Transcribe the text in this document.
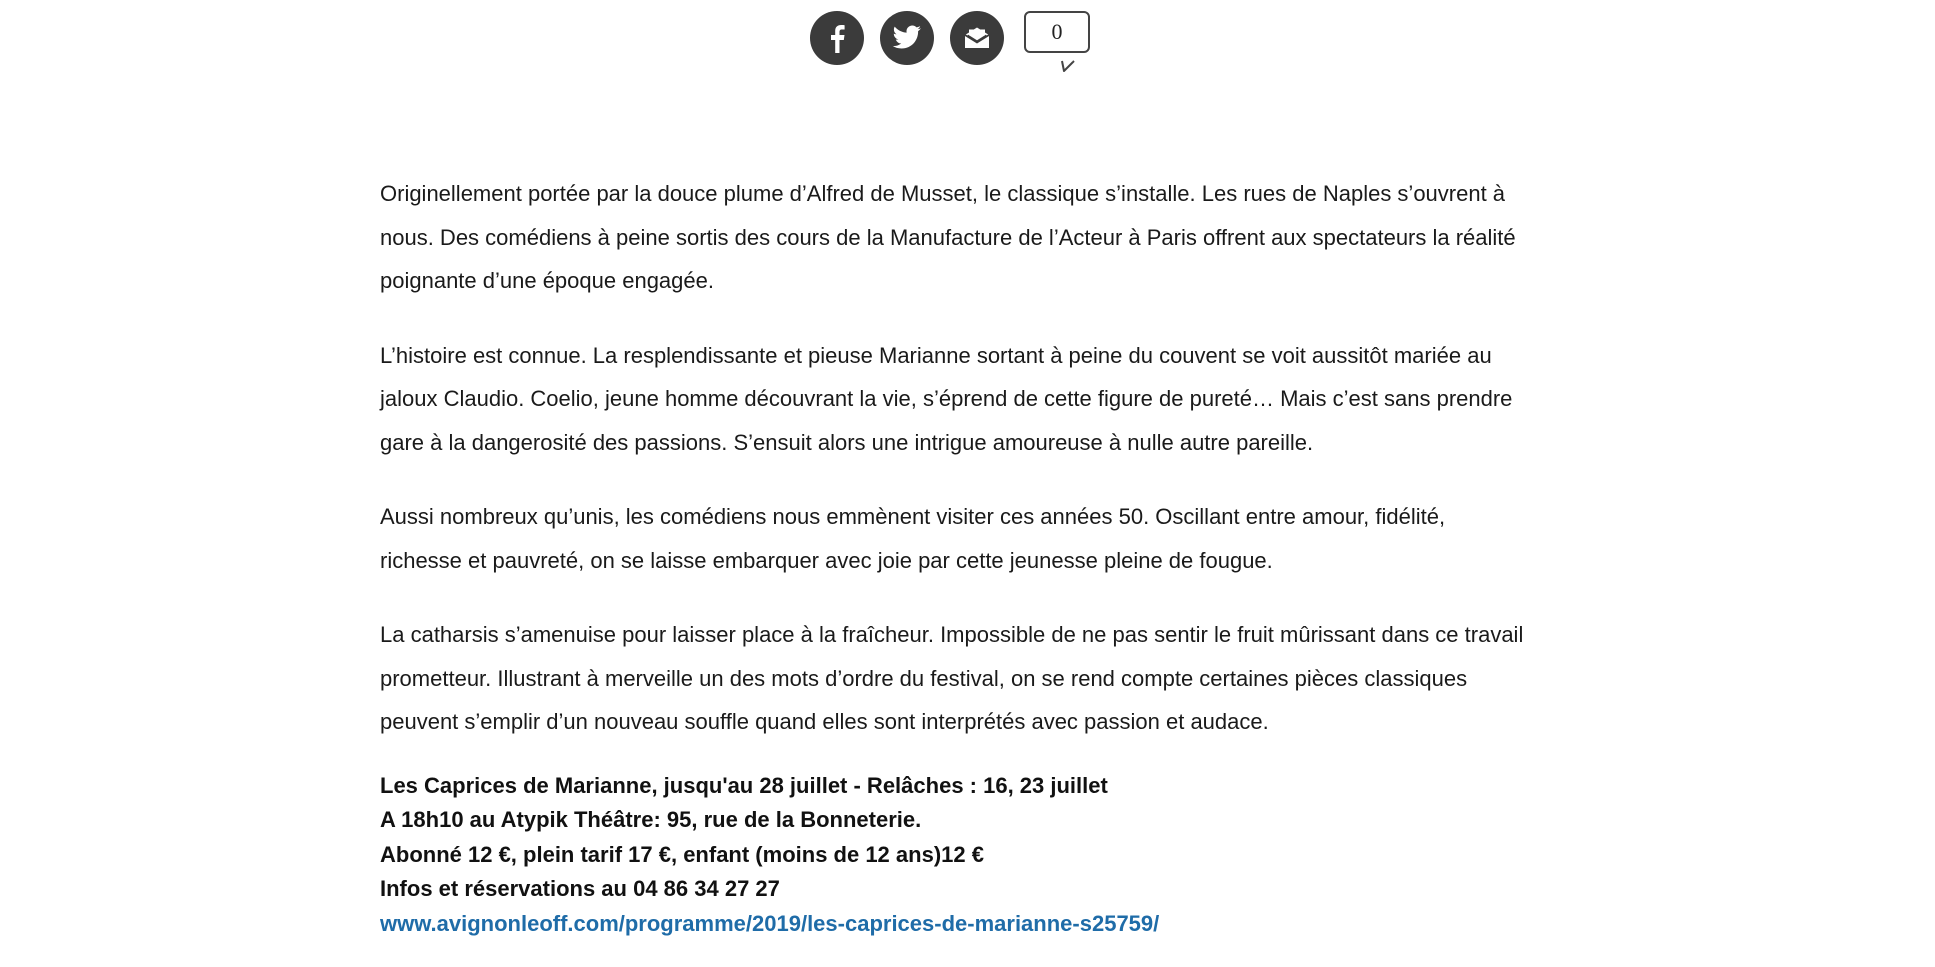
0

Originellement portée par la douce plume d’Alfred de Musset, le classique s’installe. Les rues de Naples s’ouvrent à nous. Des comédiens à peine sortis des cours de la Manufacture de l’Acteur à Paris offrent aux spectateurs la réalité poignante d’une époque engagée.

L’histoire est connue. La resplendissante et pieuse Marianne sortant à peine du couvent se voit aussitôt mariée au jaloux Claudio. Coelio, jeune homme découvrant la vie, s’éprend de cette figure de pureté… Mais c’est sans prendre gare à la dangerosité des passions. S’ensuit alors une intrigue amoureuse à nulle autre pareille.

Aussi nombreux qu’unis, les comédiens nous emmènent visiter ces années 50. Oscillant entre amour, fidélité, richesse et pauvreté, on se laisse embarquer avec joie par cette jeunesse pleine de fougue.

La catharsis s’amenuise pour laisser place à la fraîcheur. Impossible de ne pas sentir le fruit mûrissant dans ce travail prometteur. Illustrant à merveille un des mots d’ordre du festival, on se rend compte certaines pièces classiques peuvent s’emplir d’un nouveau souffle quand elles sont interprétés avec passion et audace.

Les Caprices de Marianne, jusqu'au 28 juillet - Relâches : 16, 23 juillet
A 18h10 au Atypik Théâtre: 95, rue de la Bonneterie.
Abonné 12 €, plein tarif 17 €, enfant (moins de 12 ans)12 €
Infos et réservations au 04 86 34 27 27
www.avignonleoff.com/programme/2019/les-caprices-de-marianne-s25759/
